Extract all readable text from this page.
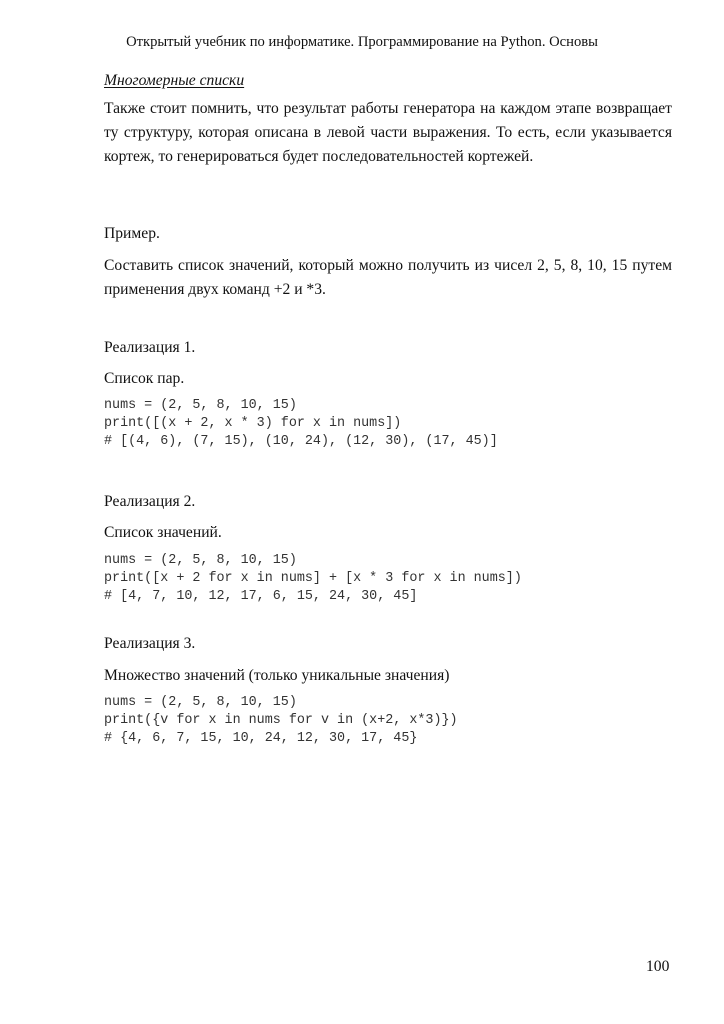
Открытый учебник по информатике. Программирование на Python. Основы
Многомерные списки
Также стоит помнить, что результат работы генератора на каждом этапе возвращает ту структуру, которая описана в левой части выражения. То есть, если указывается кортеж, то генерироваться будет последовательностей кортежей.
Пример.
Составить список значений, который можно получить из чисел 2, 5, 8, 10, 15 путем применения двух команд +2 и *3.
Реализация 1.
Список пар.
nums = (2, 5, 8, 10, 15)
print([(x + 2, x * 3) for x in nums])
# [(4, 6), (7, 15), (10, 24), (12, 30), (17, 45)]
Реализация 2.
Список значений.
nums = (2, 5, 8, 10, 15)
print([x + 2 for x in nums] + [x * 3 for x in nums])
# [4, 7, 10, 12, 17, 6, 15, 24, 30, 45]
Реализация 3.
Множество значений (только уникальные значения)
nums = (2, 5, 8, 10, 15)
print({v for x in nums for v in (x+2, x*3)})
# {4, 6, 7, 15, 10, 24, 12, 30, 17, 45}
100
